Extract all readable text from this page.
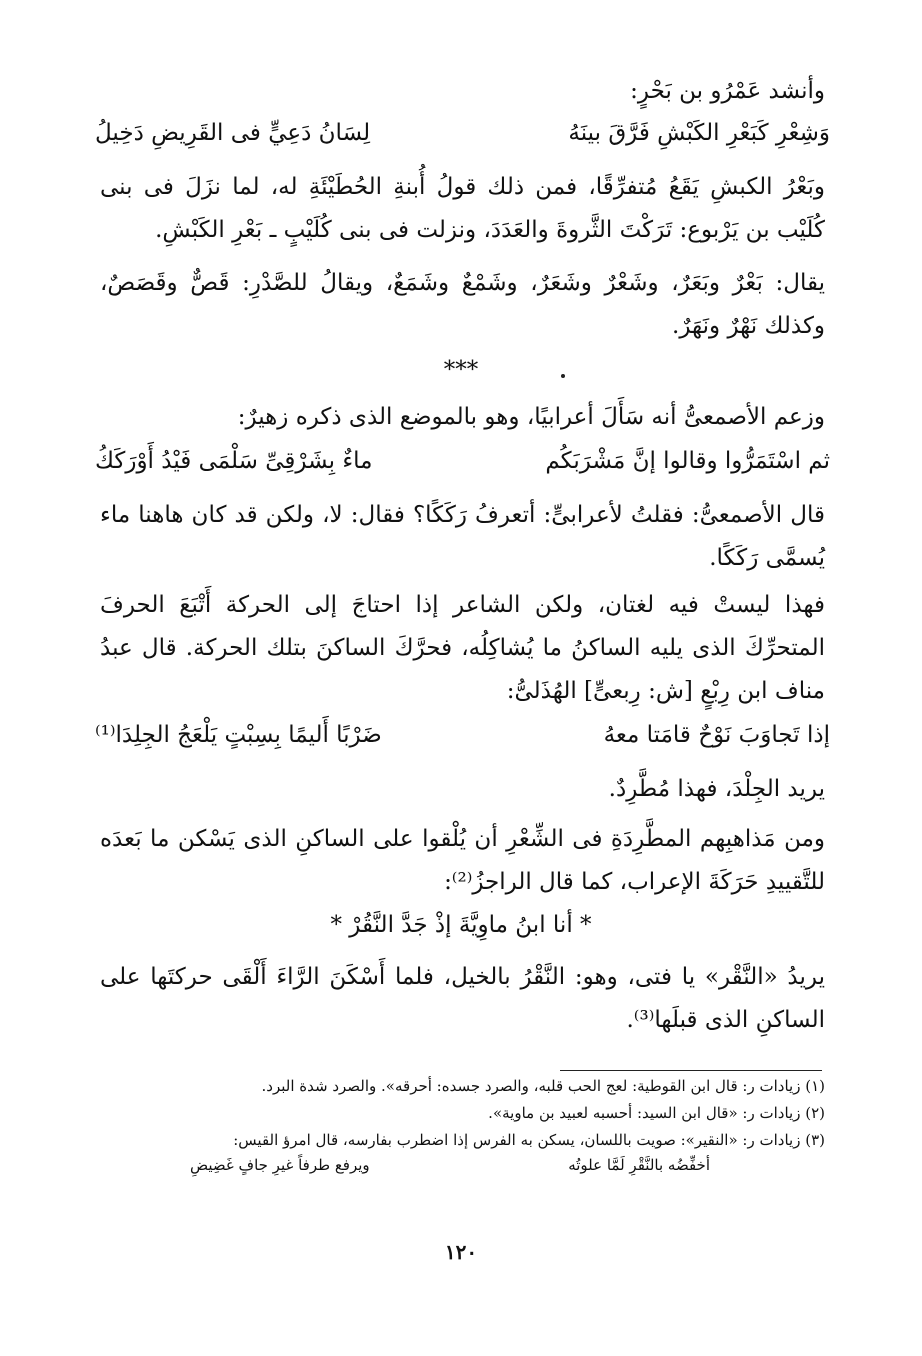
وأنشد عَمْرُو بن بَحْرٍ:

وَشِعْرِ كَبَعْرِ الكَبْشِ فَرَّقَ بينَهُ
لِسَانُ دَعِيٍّ فى القَرِيضِ دَخِيلُ

وبَعْرُ الكبشِ يَقَعُ مُتفرِّقًا، فمن ذلك قولُ أُبنةِ الحُطَيْئَةِ له، لما نزَلَ فى بنى كُلَيْب بن يَرْبوع: تَرَكْتَ الثَّروةَ والعَدَدَ، ونزلت فى بنى كُلَيْبٍ ـ بَعْرِ الكَبْشِ.

يقال: بَعْرٌ وبَعَرٌ، وشَعْرٌ وشَعَرٌ، وشَمْعٌ وشَمَعٌ، ويقالُ للصَّدْرِ: قَصٌّ وقَصَصٌ، وكذلك نَهْرٌ ونَهَرٌ.

***

وزعم الأصمعىُّ أنه سَأَلَ أعرابيًا، وهو بالموضع الذى ذكره زهيرٌ:

ثم اسْتَمَرُّوا وقالوا إنَّ مَشْرَبَكُم
ماءٌ بِشَرْقِىِّ سَلْمَى فَيْدُ أَوْرَكَكُ

قال الأصمعىُّ: فقلتُ لأعرابىٍّ: أتعرفُ رَكَكًا؟ فقال: لا، ولكن قد كان هاهنا ماء يُسمَّى رَكَكًا.

فهذا ليستْ فيه لغتان، ولكن الشاعر إذا احتاجَ إلى الحركة أَتْبَعَ الحرفَ المتحرِّكَ الذى يليه الساكنُ ما يُشاكِلُه، فحرَّكَ الساكنَ بتلك الحركة. قال عبدُ مناف ابن رِبْعٍ [ش: رِبعىٍّ] الهُذَلىُّ:

إذا تَجاوَبَ نَوْحٌ قامَتا معهُ
ضَرْبًا أَليمًا بِسِبْتٍ يَلْعَجُ الجِلِدَا⁽¹⁾

يريد الجِلْدَ، فهذا مُطَّرِدٌ.

ومن مَذاهبِهم المطَّرِدَةِ فى الشِّعْرِ أن يُلْقوا على الساكنِ الذى يَسْكن ما بَعدَه للتَّقييدِ حَرَكَةَ الإعراب، كما قال الراجزُ⁽²⁾:

* أنا ابنُ ماوِيَّةَ إذْ جَدَّ النَّقُرْ *

يريدُ «النَّقْر» يا فتى، وهو: النَّقْرُ بالخيل، فلما أَسْكَنَ الرَّاءَ أَلْقَى حركتَها على الساكنِ الذى قبلَها⁽³⁾.

(١) زيادات ر: قال ابن القوطية: لعج الحب قلبه، والصرد جسده: أحرقه». والصرد شدة البرد.
(٢) زيادات ر: «قال ابن السيد: أحسبه لعبيد بن ماوية».
(٣) زيادات ر: «النقير»: صويت باللسان، يسكن به الفرس إذا اضطرب بفارسه، قال امرؤ القيس:
أخفِّضُه بالنَّقْرِ لَمَّا علوتُه
ويرفع طرفاً غيرِ جافٍ غَضِيضِ
١٢٠
